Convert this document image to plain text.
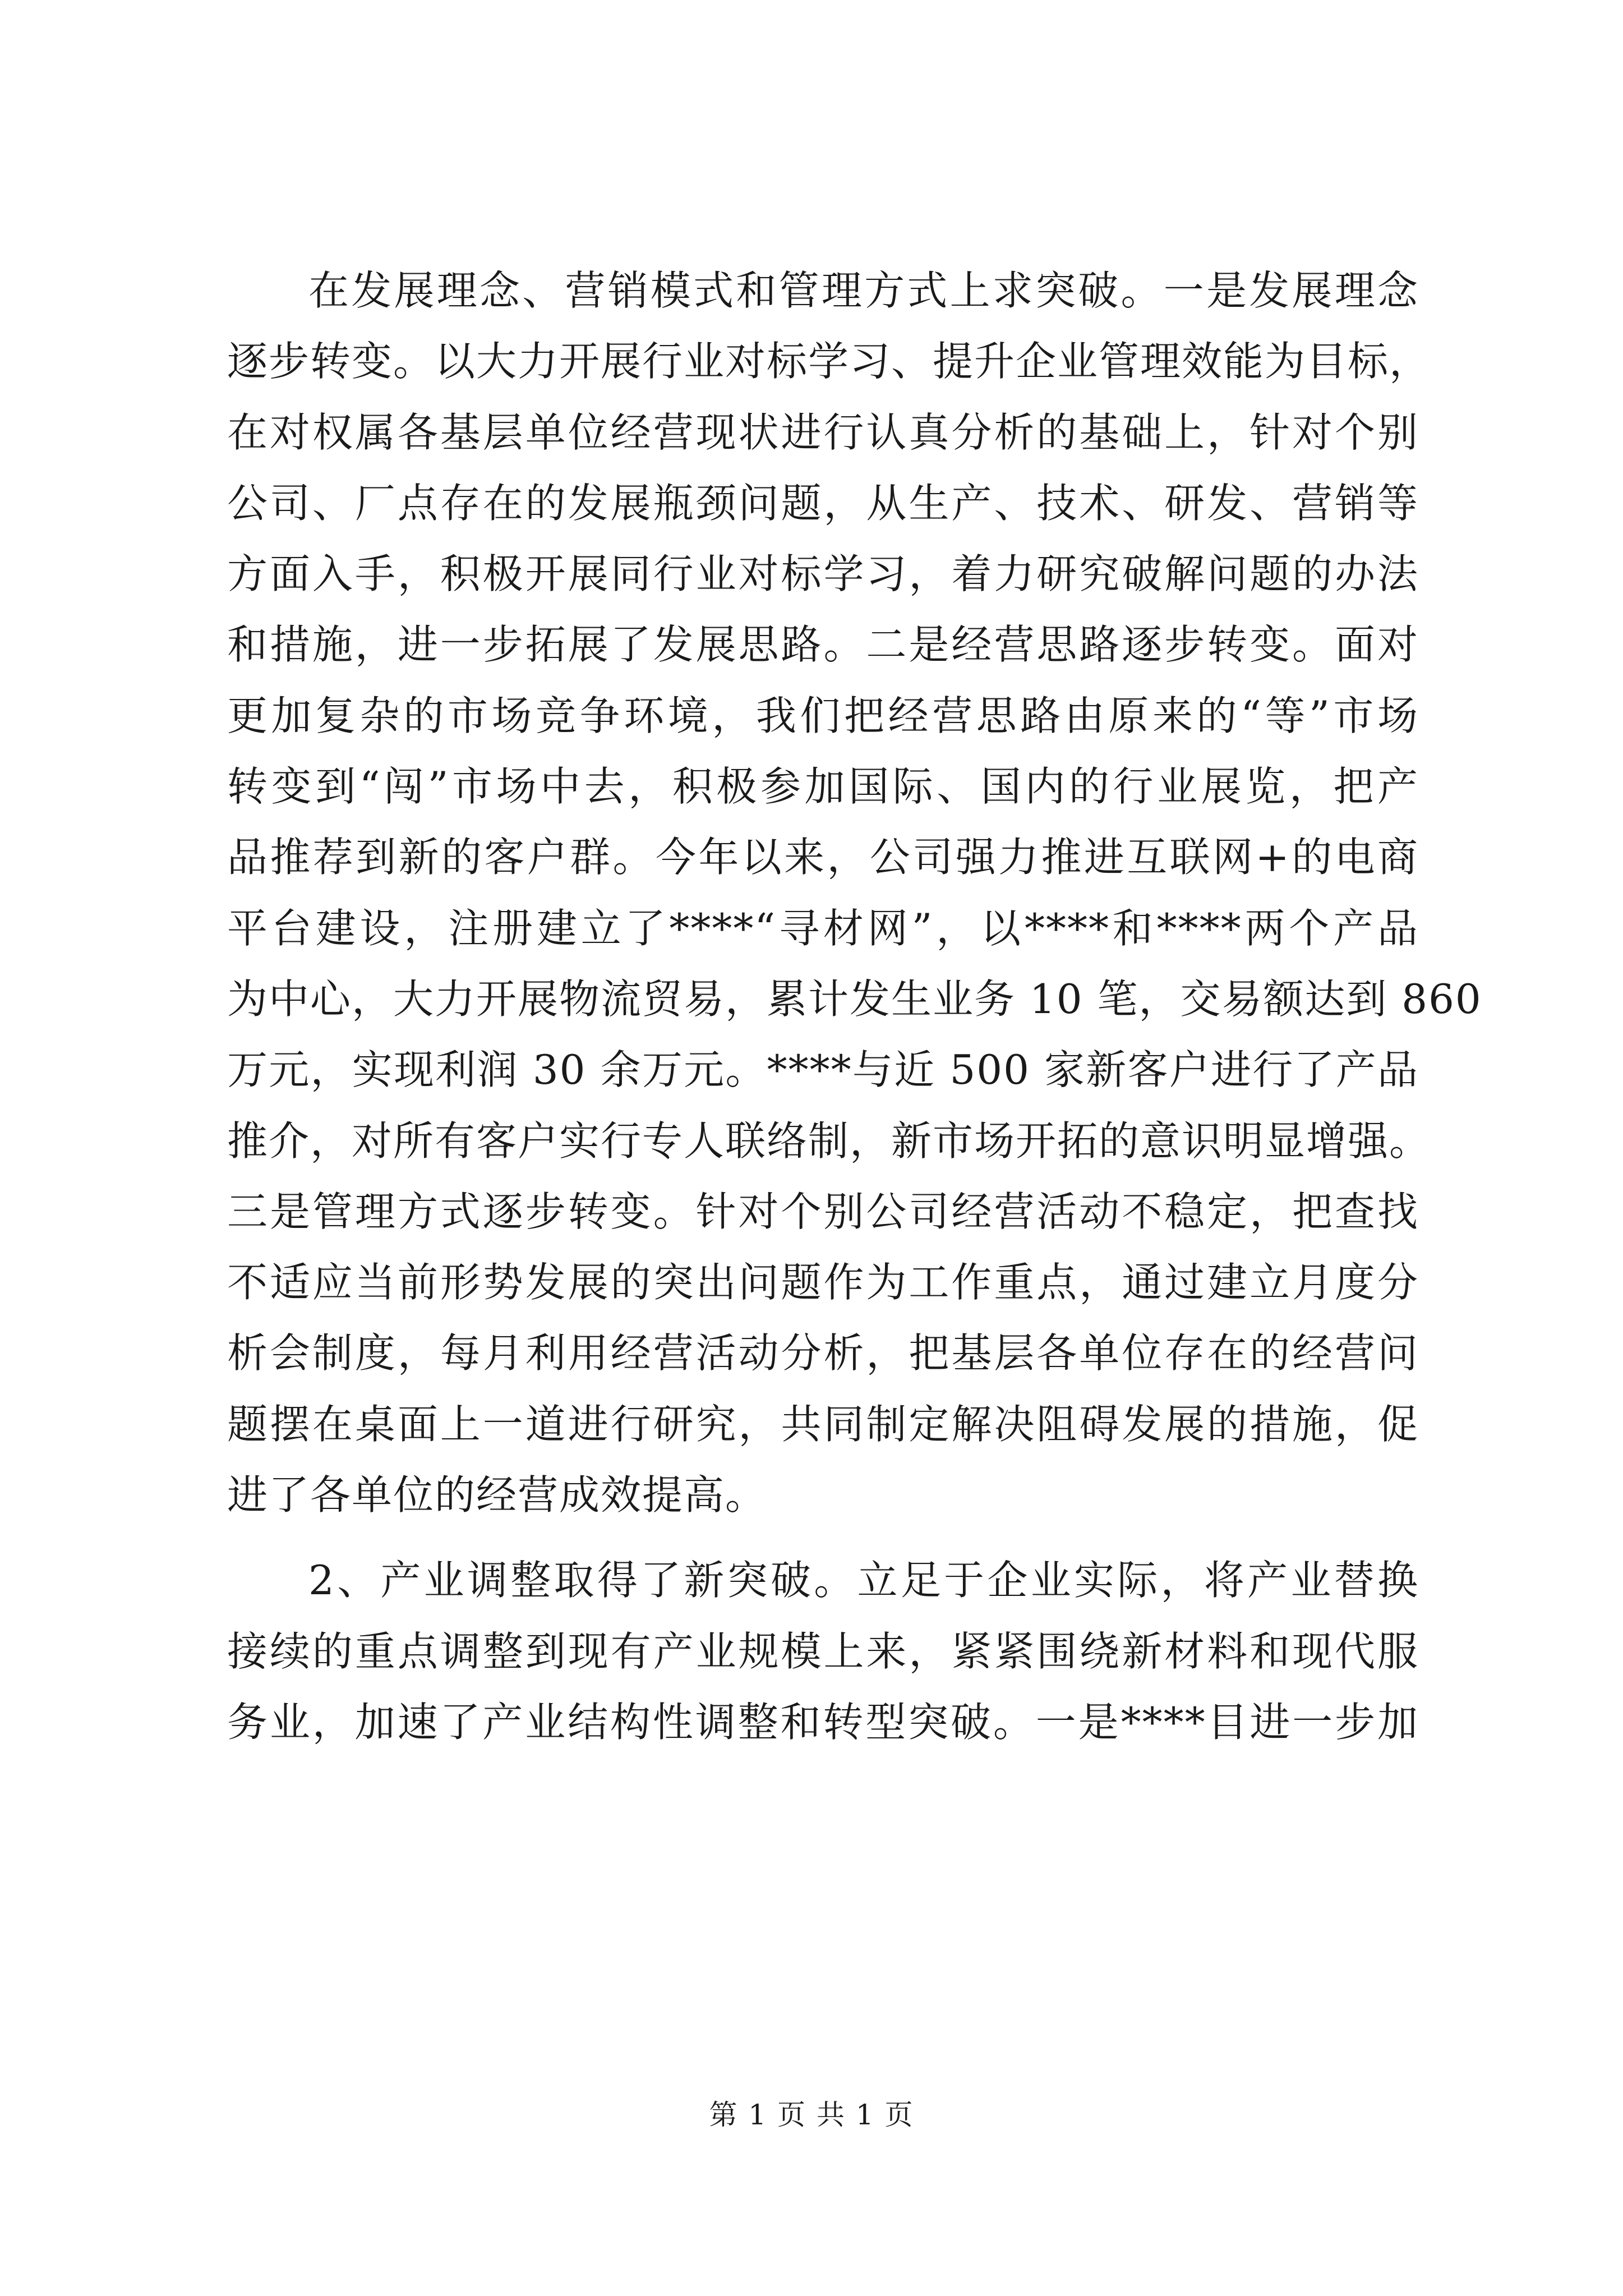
在发展理念、营销模式和管理方式上求突破。一是发展理念
逐步转变。以大力开展行业对标学习、提升企业管理效能为目标，
在对权属各基层单位经营现状进行认真分析的基础上，针对个别
公司、厂点存在的发展瓶颈问题，从生产、技术、研发、营销等
方面入手，积极开展同行业对标学习，着力研究破解问题的办法
和措施，进一步拓展了发展思路。二是经营思路逐步转变。面对
更加复杂的市场竞争环境，我们把经营思路由原来的“等”市场
转变到“闯”市场中去，积极参加国际、国内的行业展览，把产
品推荐到新的客户群。今年以来，公司强力推进互联网+的电商
平台建设，注册建立了****“寻材网”，以****和****两个产品
为中心，大力开展物流贸易，累计发生业务 10 笔，交易额达到 860
万元，实现利润 30 余万元。****与近 500 家新客户进行了产品
推介，对所有客户实行专人联络制，新市场开拓的意识明显增强。
三是管理方式逐步转变。针对个别公司经营活动不稳定，把查找
不适应当前形势发展的突出问题作为工作重点，通过建立月度分
析会制度，每月利用经营活动分析，把基层各单位存在的经营问
题摆在桌面上一道进行研究，共同制定解决阻碍发展的措施，促
进了各单位的经营成效提高。
2、产业调整取得了新突破。立足于企业实际，将产业替换
接续的重点调整到现有产业规模上来，紧紧围绕新材料和现代服
务业，加速了产业结构性调整和转型突破。一是****目进一步加
第 1 页 共 1 页
